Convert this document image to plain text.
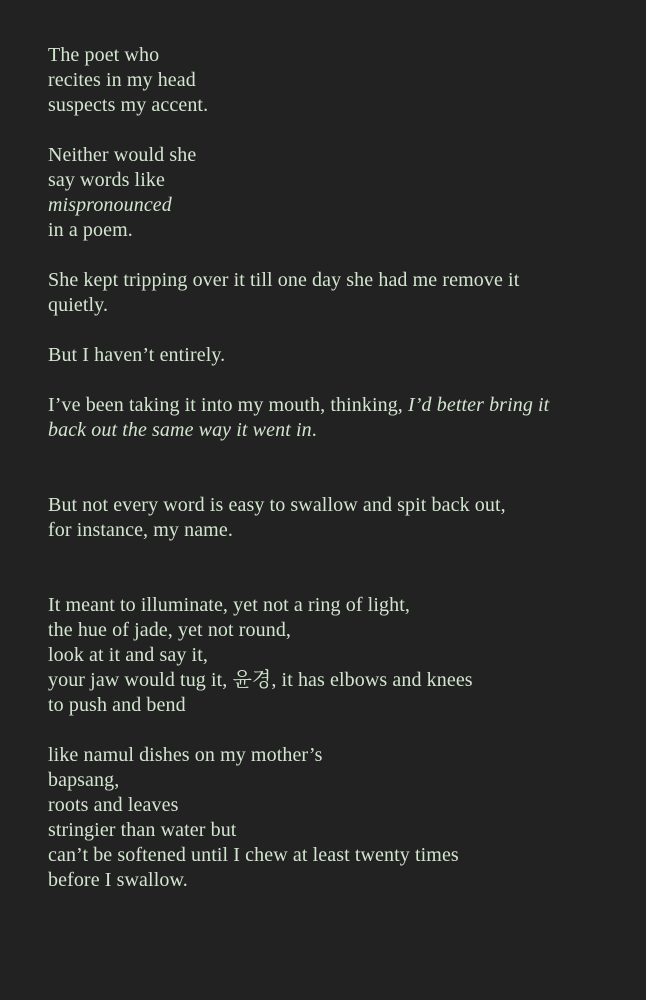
The poet who
recites in my head
suspects my accent.
Neither would she
say words like
mispronounced
in a poem.
She kept tripping over it till one day she had me remove it
quietly.
But I haven’t entirely.
I’ve been taking it into my mouth, thinking, I’d better bring it
back out the same way it went in.
But not every word is easy to swallow and spit back out,
for instance, my name.
It meant to illuminate, yet not a ring of light,
the hue of jade, yet not round,
look at it and say it,
your jaw would tug it, 윤경, it has elbows and knees
to push and bend
like namul dishes on my mother’s
bapsang,
roots and leaves
stringier than water but
can’t be softened until I chew at least twenty times
before I swallow.
